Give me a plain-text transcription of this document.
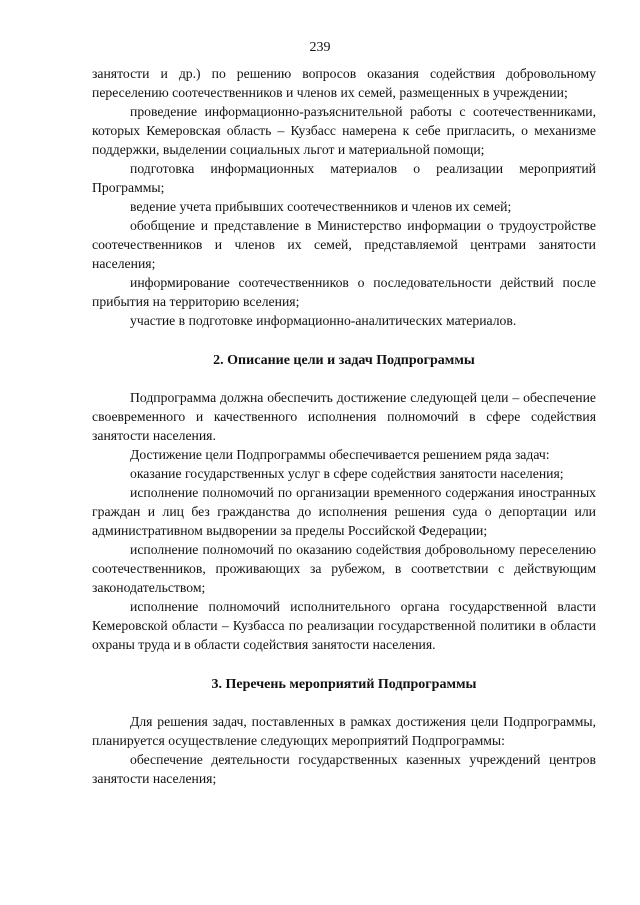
239

занятости и др.) по решению вопросов оказания содействия добровольному переселению соотечественников и членов их семей, размещенных в учреждении;

проведение информационно-разъяснительной работы с соотечественниками, которых Кемеровская область – Кузбасс намерена к себе пригласить, о механизме поддержки, выделении социальных льгот и материальной помощи;

подготовка информационных материалов о реализации мероприятий Программы;

ведение учета прибывших соотечественников и членов их семей;

обобщение и представление в Министерство информации о трудоустройстве соотечественников и членов их семей, представляемой центрами занятости населения;

информирование соотечественников о последовательности действий после прибытия на территорию вселения;

участие в подготовке информационно-аналитических материалов.

2. Описание цели и задач Подпрограммы

Подпрограмма должна обеспечить достижение следующей цели – обеспечение своевременного и качественного исполнения полномочий в сфере содействия занятости населения.

Достижение цели Подпрограммы обеспечивается решением ряда задач:

оказание государственных услуг в сфере содействия занятости населения;

исполнение полномочий по организации временного содержания иностранных граждан и лиц без гражданства до исполнения решения суда о депортации или административном выдворении за пределы Российской Федерации;

исполнение полномочий по оказанию содействия добровольному переселению соотечественников, проживающих за рубежом, в соответствии с действующим законодательством;

исполнение полномочий исполнительного органа государственной власти Кемеровской области – Кузбасса по реализации государственной политики в области охраны труда и в области содействия занятости населения.

3. Перечень мероприятий Подпрограммы

Для решения задач, поставленных в рамках достижения цели Подпрограммы, планируется осуществление следующих мероприятий Подпрограммы:

обеспечение деятельности государственных казенных учреждений центров занятости населения;
